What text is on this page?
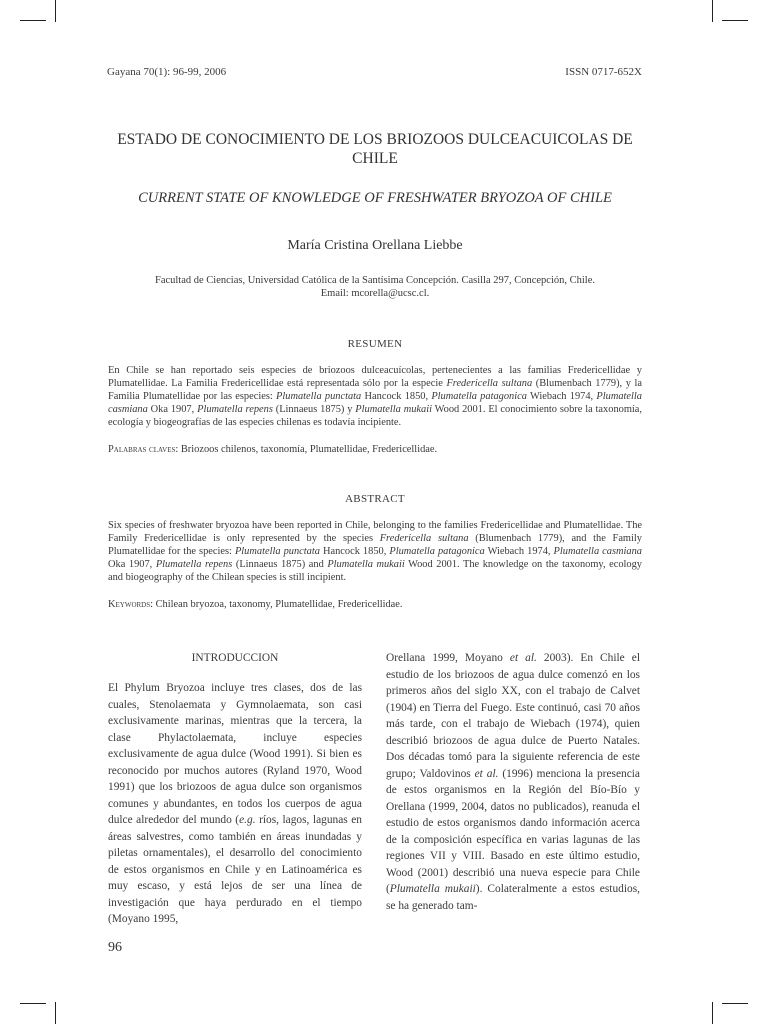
Gayana 70(1): 96-99, 2006	ISSN 0717-652X
ESTADO DE CONOCIMIENTO DE LOS BRIOZOOS DULCEACUICOLAS DE CHILE
CURRENT STATE OF KNOWLEDGE OF FRESHWATER BRYOZOA OF CHILE
María Cristina Orellana Liebbe
Facultad de Ciencias, Universidad Católica de la Santísima Concepción. Casilla 297, Concepción, Chile.
Email: mcorella@ucsc.cl.
RESUMEN

En Chile se han reportado seis especies de briozoos dulceacuícolas, pertenecientes a las familias Fredericellidae y Plumatellidae. La Familia Fredericellidae está representada sólo por la especie Fredericella sultana (Blumenbach 1779), y la Familia Plumatellidae por las especies: Plumatella punctata Hancock 1850, Plumatella patagonica Wiebach 1974, Plumatella casmiana Oka 1907, Plumatella repens (Linnaeus 1875) y Plumatella mukaii Wood 2001. El conocimiento sobre la taxonomía, ecología y biogeografías de las especies chilenas es todavía incipiente.

Palabras claves: Briozoos chilenos, taxonomía, Plumatellidae, Fredericellidae.

ABSTRACT

Six species of freshwater bryozoa have been reported in Chile, belonging to the families Fredericellidae and Plumatellidae. The Family Fredericellidae is only represented by the species Fredericella sultana (Blumenbach 1779), and the Family Plumatellidae for the species: Plumatella punctata Hancock 1850, Plumatella patagonica Wiebach 1974, Plumatella casmiana Oka 1907, Plumatella repens (Linnaeus 1875) and Plumatella mukaii Wood 2001. The knowledge on the taxonomy, ecology and biogeography of the Chilean species is still incipient.

Keywords: Chilean bryozoa, taxonomy, Plumatellidae, Fredericellidae.

INTRODUCCION

El Phylum Bryozoa incluye tres clases, dos de las cuales, Stenolaemata y Gymnolaemata, son casi exclusivamente marinas, mientras que la tercera, la clase Phylactolaemata, incluye especies exclusivamente de agua dulce (Wood 1991). Si bien es reconocido por muchos autores (Ryland 1970, Wood 1991) que los briozoos de agua dulce son organismos comunes y abundantes, en todos los cuerpos de agua dulce alrededor del mundo (e.g. ríos, lagos, lagunas en áreas salvestres, como también en áreas inundadas y piletas ornamentales), el desarrollo del conocimiento de estos organismos en Chile y en Latinoamérica es muy escaso, y está lejos de ser una línea de investigación que haya perdurado en el tiempo (Moyano 1995,

Orellana 1999, Moyano et al. 2003). En Chile el estudio de los briozoos de agua dulce comenzó en los primeros años del siglo XX, con el trabajo de Calvet (1904) en Tierra del Fuego. Este continuó, casi 70 años más tarde, con el trabajo de Wiebach (1974), quien describió briozoos de agua dulce de Puerto Natales. Dos décadas tomó para la siguiente referencia de este grupo; Valdovinos et al. (1996) menciona la presencia de estos organismos en la Región del Bío-Bío y Orellana (1999, 2004, datos no publicados), reanuda el estudio de estos organismos dando información acerca de la composición específica en varias lagunas de las regiones VII y VIII. Basado en este último estudio, Wood (2001) describió una nueva especie para Chile (Plumatella mukaii). Colateralmente a estos estudios, se ha generado tam-

96
